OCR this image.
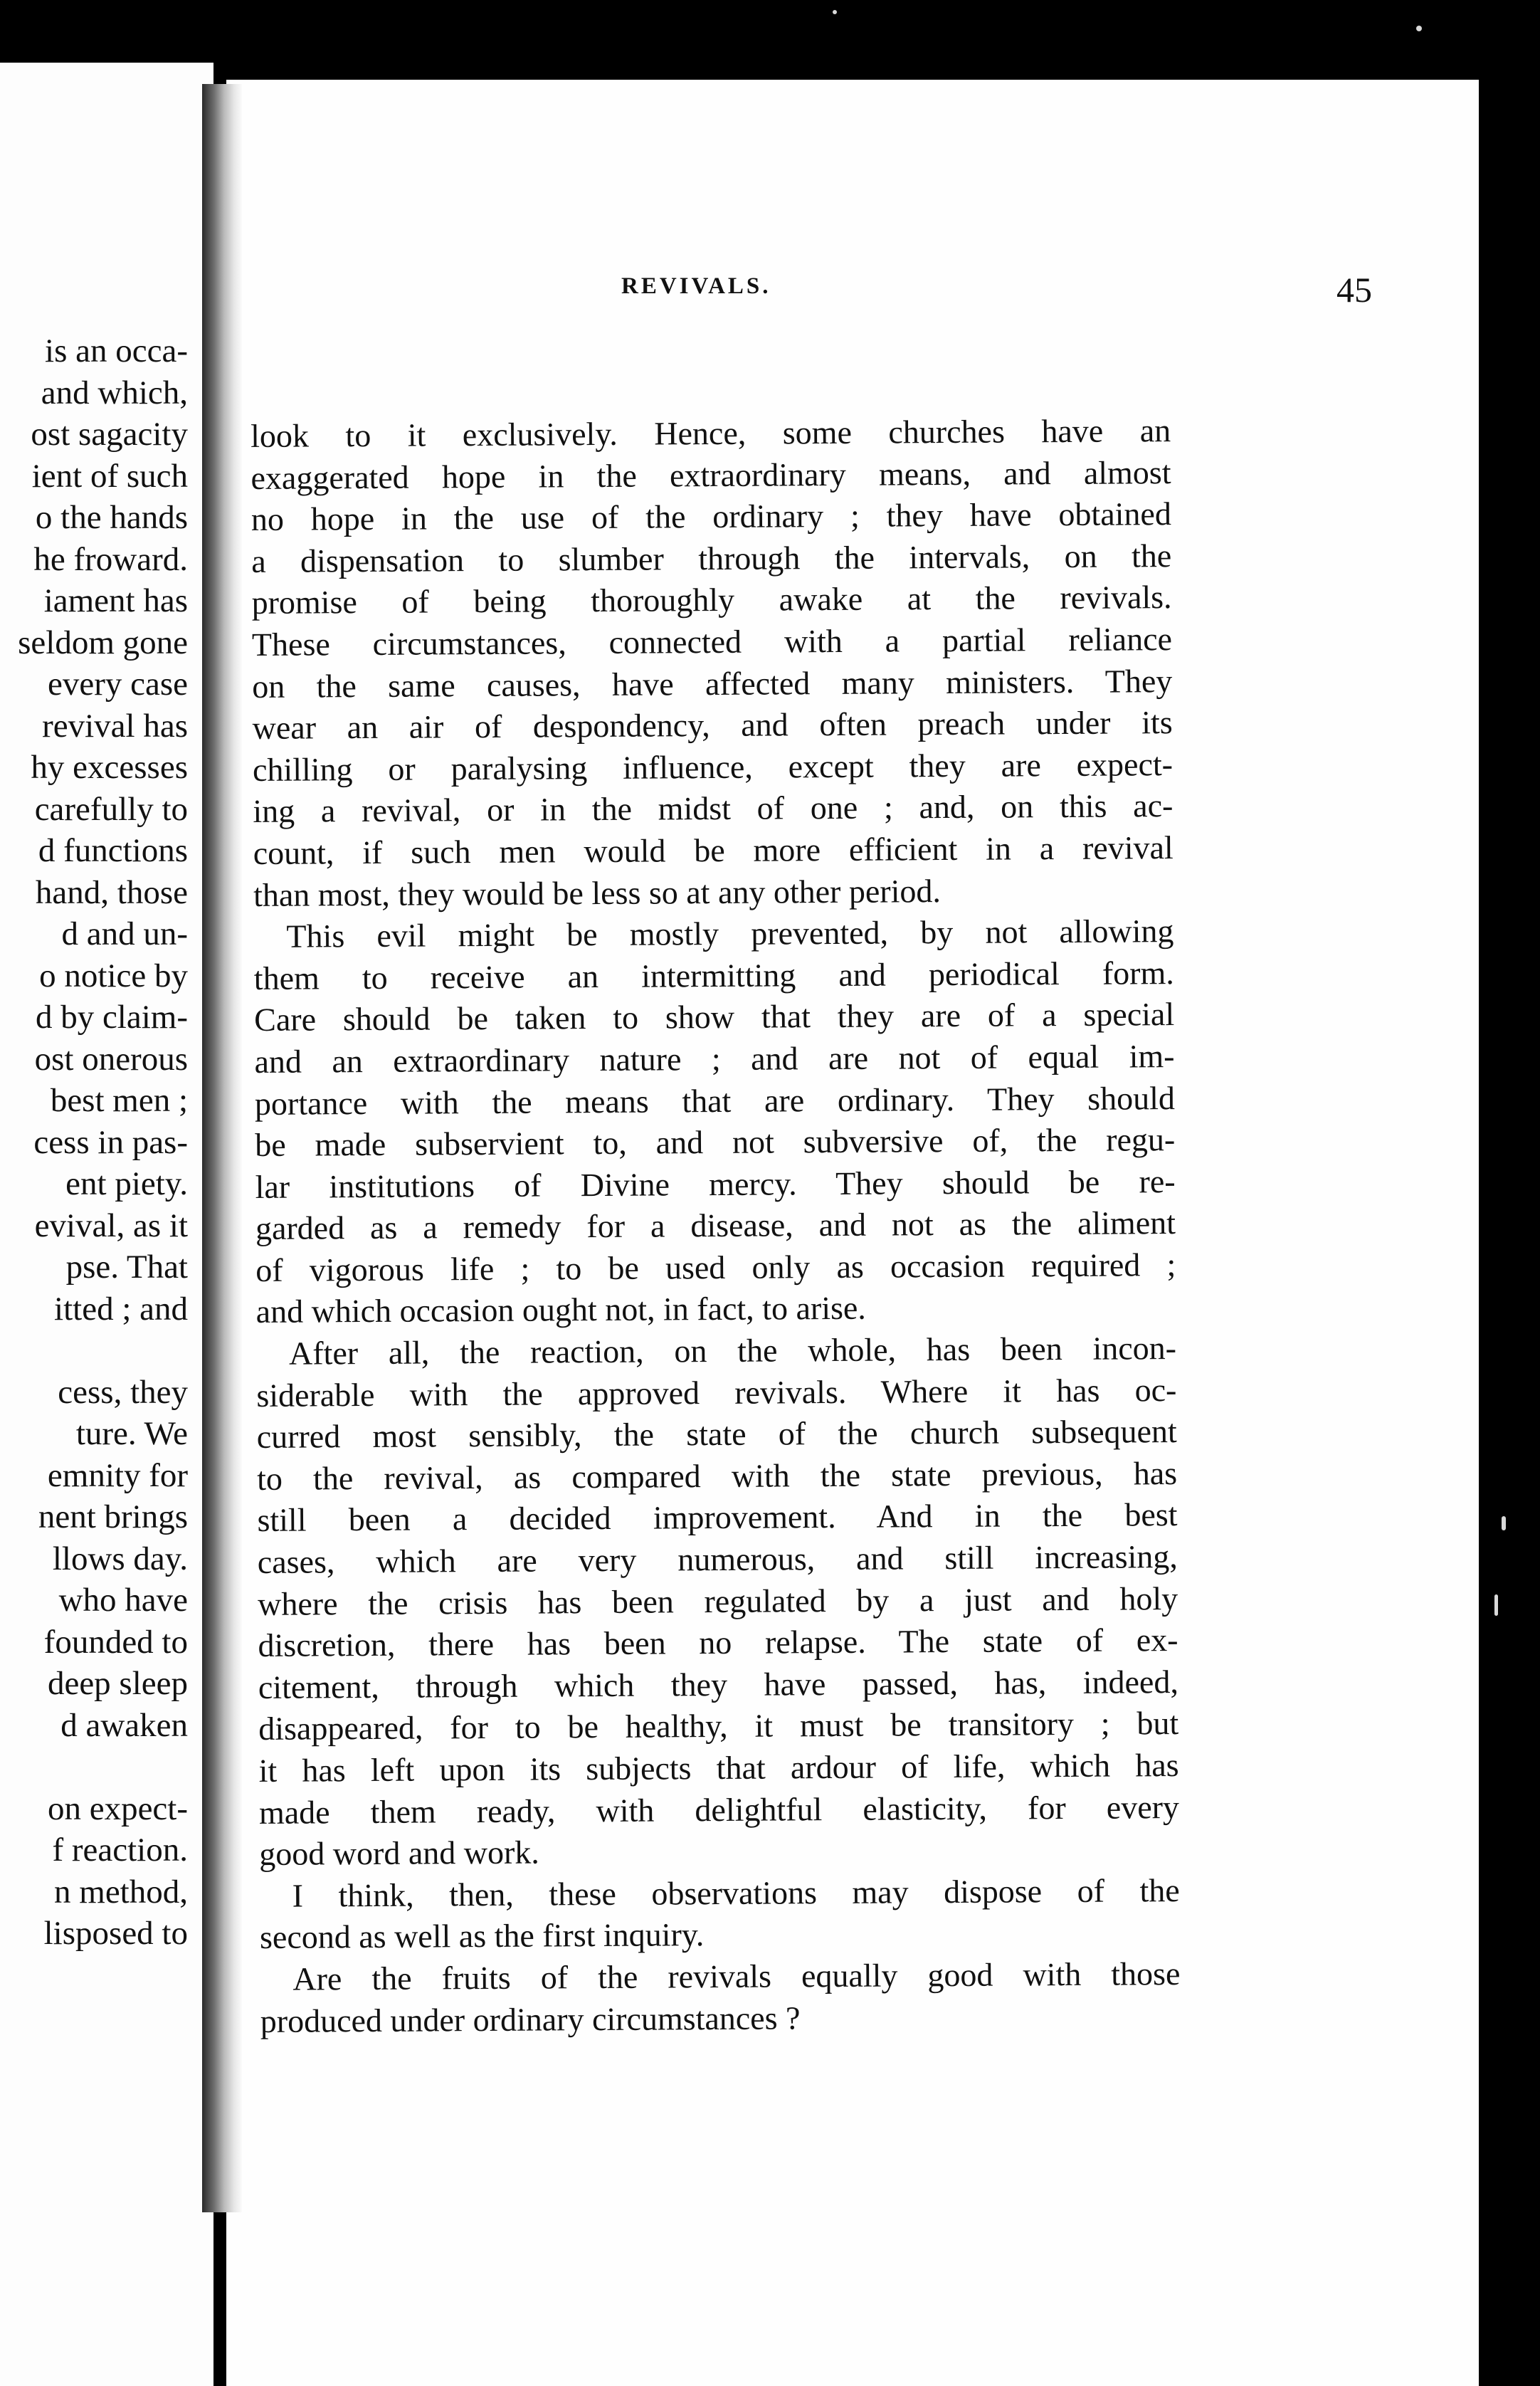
is an occa-
and which,
ost sagacity
ient of such
o the hands
he froward.
iament has
seldom gone
every case
revival has
hy excesses
carefully to
d functions
hand, those
d and un-
o notice by
d by claim-
ost onerous
best men ;
cess in pas-
ent piety.
evival, as it
pse. That
itted ; and
cess, they
ture. We
emnity for
nent brings
llows day.
who have
founded to
deep sleep
d awaken
on expect-
f reaction.
n method,
lisposed to
REVIVALS.	45
look to it exclusively. Hence, some churches have an
exaggerated hope in the extraordinary means, and almost
no hope in the use of the ordinary ; they have obtained
a dispensation to slumber through the intervals, on the
promise of being thoroughly awake at the revivals.
These circumstances, connected with a partial reliance
on the same causes, have affected many ministers. They
wear an air of despondency, and often preach under its
chilling or paralysing influence, except they are expect-
ing a revival, or in the midst of one ; and, on this ac-
count, if such men would be more efficient in a revival
than most, they would be less so at any other period.
This evil might be mostly prevented, by not allowing
them to receive an intermitting and periodical form.
Care should be taken to show that they are of a special
and an extraordinary nature ; and are not of equal im-
portance with the means that are ordinary. They should
be made subservient to, and not subversive of, the regu-
lar institutions of Divine mercy. They should be re-
garded as a remedy for a disease, and not as the aliment
of vigorous life ; to be used only as occasion required ;
and which occasion ought not, in fact, to arise.
After all, the reaction, on the whole, has been incon-
siderable with the approved revivals. Where it has oc-
curred most sensibly, the state of the church subsequent
to the revival, as compared with the state previous, has
still been a decided improvement. And in the best
cases, which are very numerous, and still increasing,
where the crisis has been regulated by a just and holy
discretion, there has been no relapse. The state of ex-
citement, through which they have passed, has, indeed,
disappeared, for to be healthy, it must be transitory ; but
it has left upon its subjects that ardour of life, which has
made them ready, with delightful elasticity, for every
good word and work.
I think, then, these observations may dispose of the
second as well as the first inquiry.
Are the fruits of the revivals equally good with those
produced under ordinary circumstances ?
